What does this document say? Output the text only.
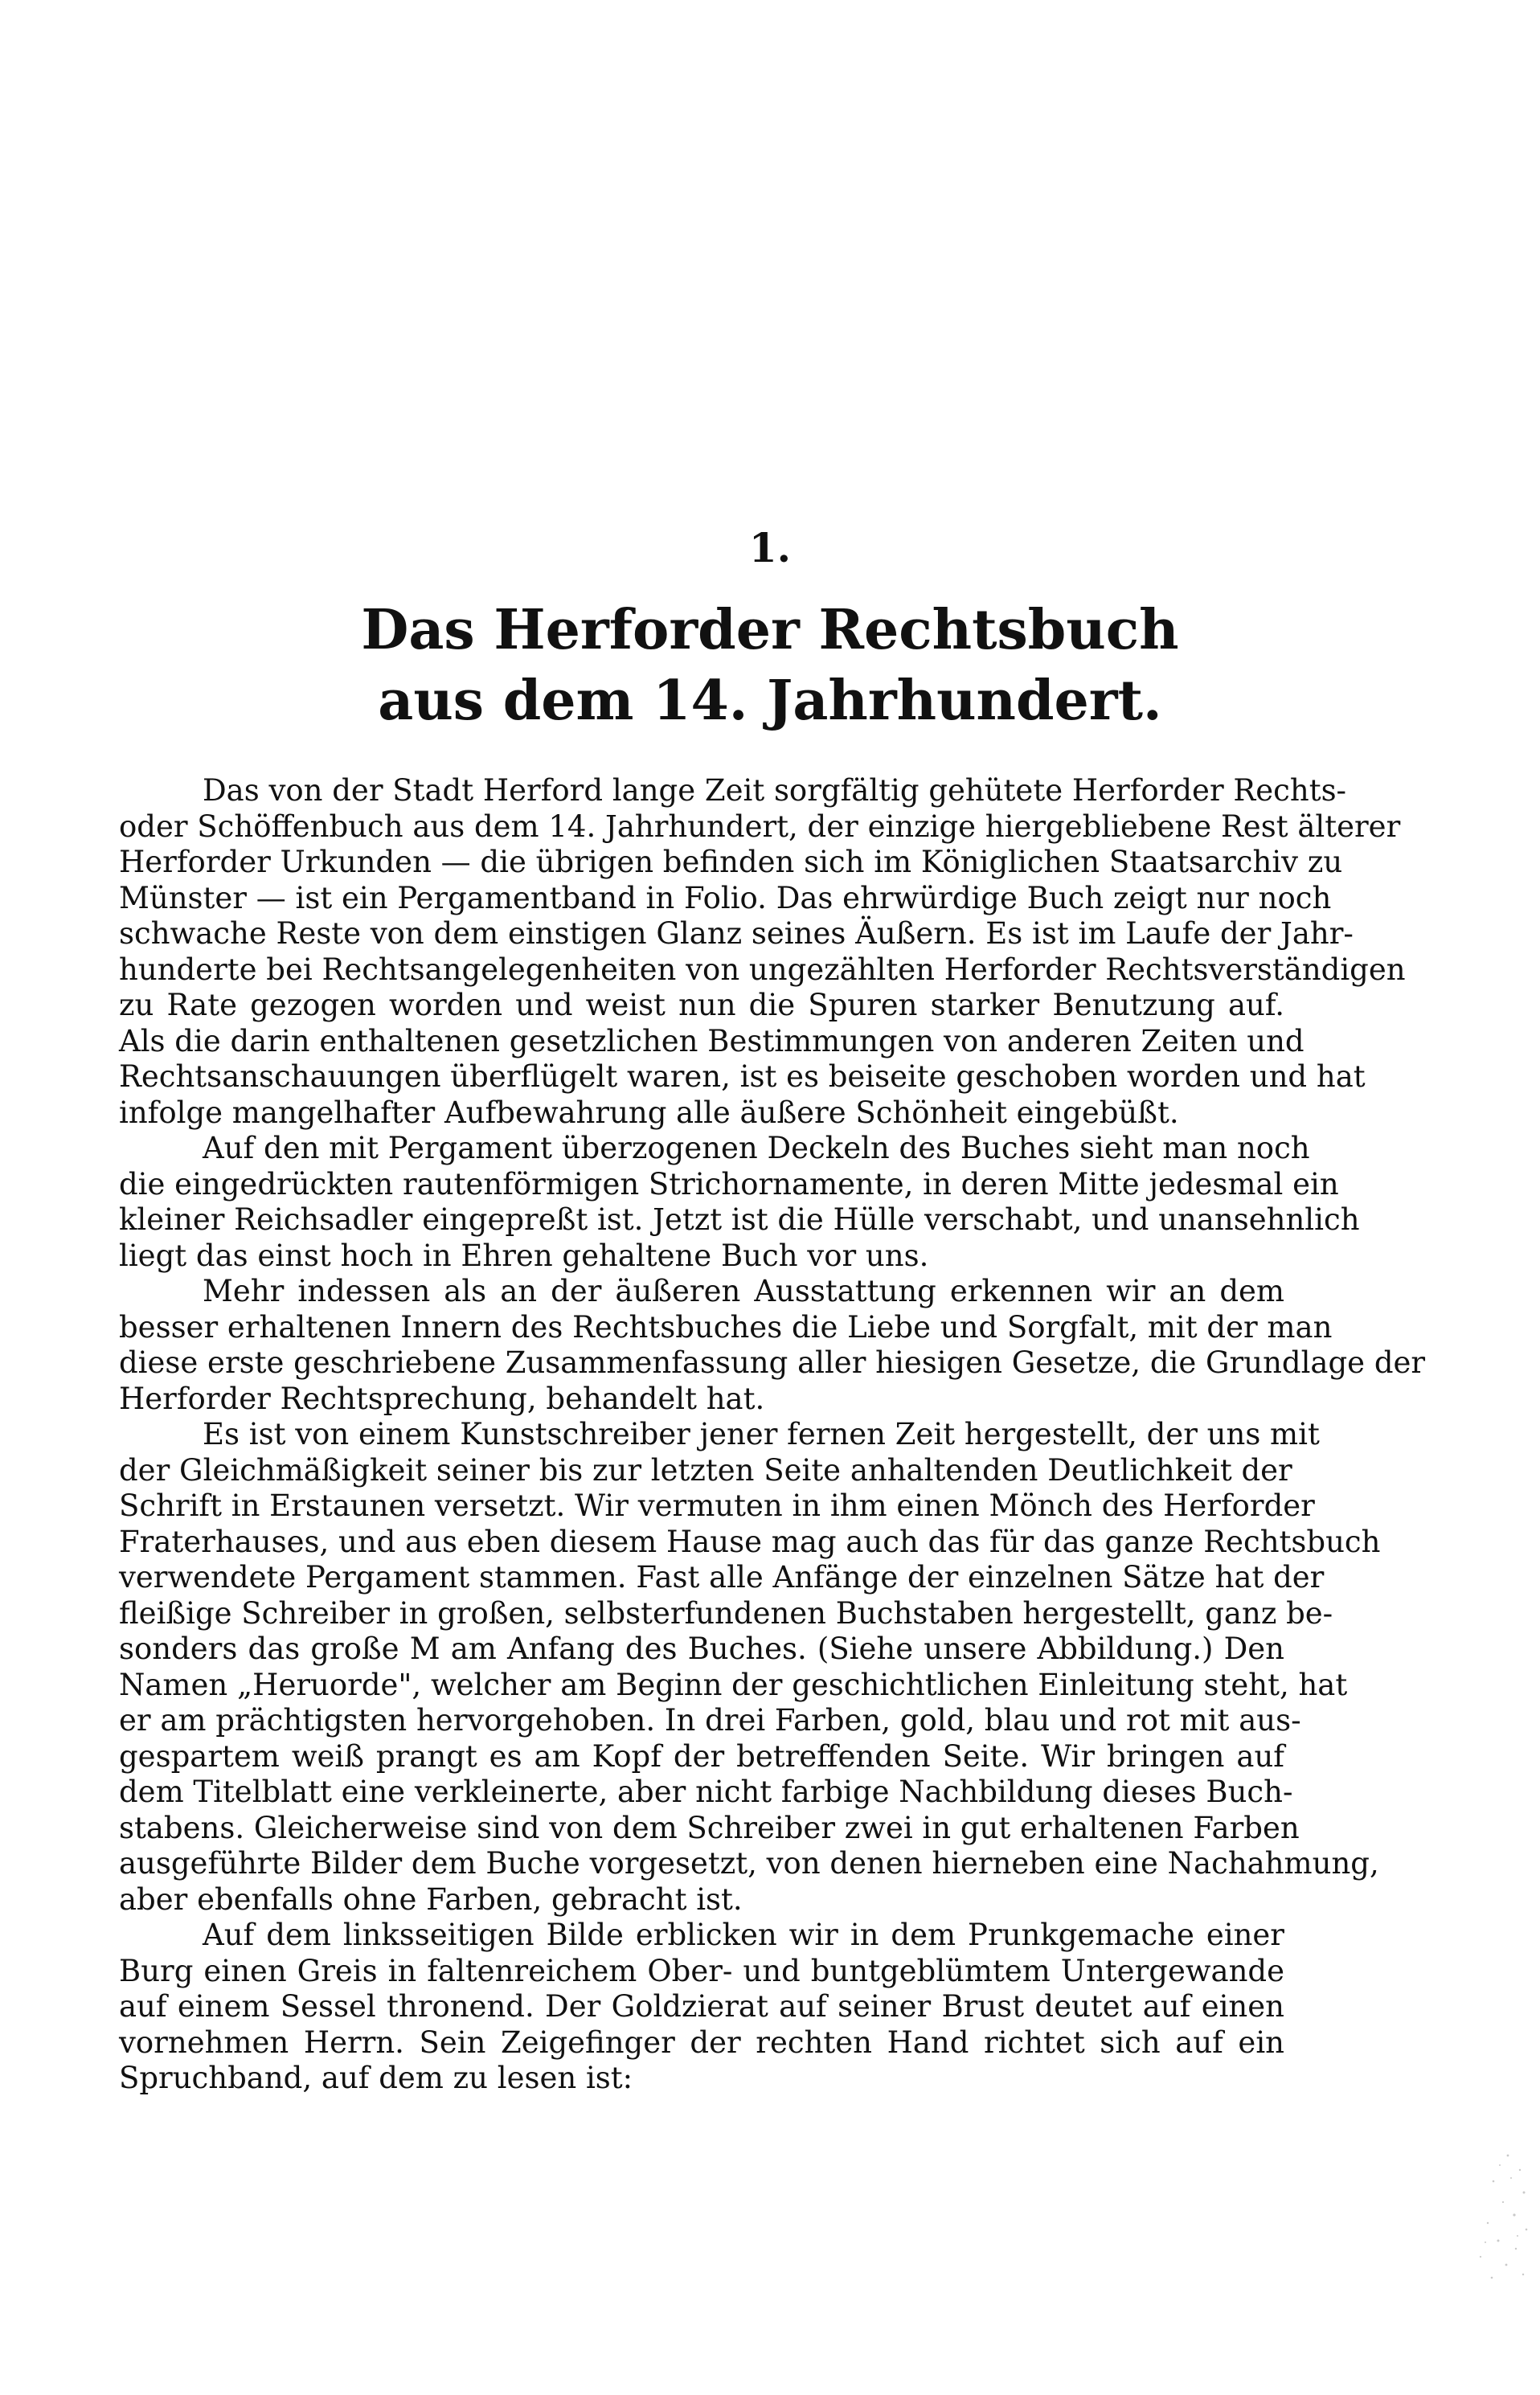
1.
Das Herforder Rechtsbuch
aus dem 14. Jahrhundert.
Das von der Stadt Herford lange Zeit sorgfältig gehütete Herforder Rechts-
oder Schöffenbuch aus dem 14. Jahrhundert, der einzige hiergebliebene Rest älterer
Herforder Urkunden — die übrigen befinden sich im Königlichen Staatsarchiv zu
Münster — ist ein Pergamentband in Folio. Das ehrwürdige Buch zeigt nur noch
schwache Reste von dem einstigen Glanz seines Äußern. Es ist im Laufe der Jahr-
hunderte bei Rechtsangelegenheiten von ungezählten Herforder Rechtsverständigen
zu Rate gezogen worden und weist nun die Spuren starker Benutzung auf.
Als die darin enthaltenen gesetzlichen Bestimmungen von anderen Zeiten und
Rechtsanschauungen überflügelt waren, ist es beiseite geschoben worden und hat
infolge mangelhafter Aufbewahrung alle äußere Schönheit eingebüßt.
Auf den mit Pergament überzogenen Deckeln des Buches sieht man noch
die eingedrückten rautenförmigen Strichornamente, in deren Mitte jedesmal ein
kleiner Reichsadler eingepreßt ist. Jetzt ist die Hülle verschabt, und unansehnlich
liegt das einst hoch in Ehren gehaltene Buch vor uns.
Mehr indessen als an der äußeren Ausstattung erkennen wir an dem
besser erhaltenen Innern des Rechtsbuches die Liebe und Sorgfalt, mit der man
diese erste geschriebene Zusammenfassung aller hiesigen Gesetze, die Grundlage der
Herforder Rechtsprechung, behandelt hat.
Es ist von einem Kunstschreiber jener fernen Zeit hergestellt, der uns mit
der Gleichmäßigkeit seiner bis zur letzten Seite anhaltenden Deutlichkeit der
Schrift in Erstaunen versetzt. Wir vermuten in ihm einen Mönch des Herforder
Fraterhauses, und aus eben diesem Hause mag auch das für das ganze Rechtsbuch
verwendete Pergament stammen. Fast alle Anfänge der einzelnen Sätze hat der
fleißige Schreiber in großen, selbsterfundenen Buchstaben hergestellt, ganz be-
sonders das große M am Anfang des Buches. (Siehe unsere Abbildung.) Den
Namen „Heruorde", welcher am Beginn der geschichtlichen Einleitung steht, hat
er am prächtigsten hervorgehoben. In drei Farben, gold, blau und rot mit aus-
gespartem weiß prangt es am Kopf der betreffenden Seite. Wir bringen auf
dem Titelblatt eine verkleinerte, aber nicht farbige Nachbildung dieses Buch-
stabens. Gleicherweise sind von dem Schreiber zwei in gut erhaltenen Farben
ausgeführte Bilder dem Buche vorgesetzt, von denen hierneben eine Nachahmung,
aber ebenfalls ohne Farben, gebracht ist.
Auf dem linksseitigen Bilde erblicken wir in dem Prunkgemache einer
Burg einen Greis in faltenreichem Ober- und buntgeblümtem Untergewande
auf einem Sessel thronend. Der Goldzierat auf seiner Brust deutet auf einen
vornehmen Herrn. Sein Zeigefinger der rechten Hand richtet sich auf ein
Spruchband, auf dem zu lesen ist:
